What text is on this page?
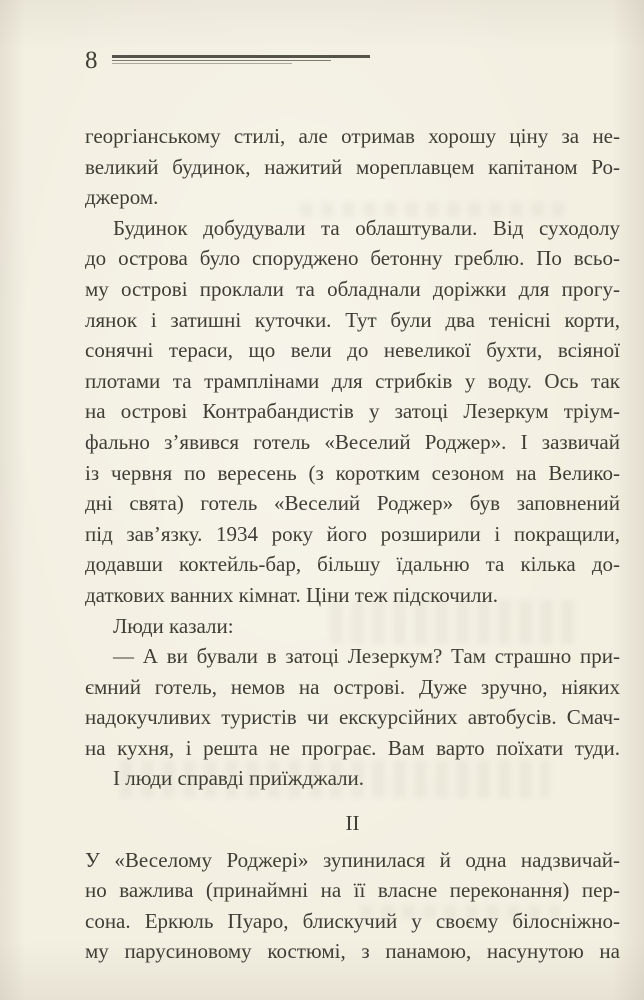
8
георгіанському стилі, але отримав хорошу ціну за не-
великий будинок, нажитий мореплавцем капітаном Ро-
джером.
Будинок добудували та облаштували. Від суходолу
до острова було споруджено бетонну греблю. По всьо-
му острові проклали та обладнали доріжки для прогу-
лянок і затишні куточки. Тут були два тенісні корти,
сонячні тераси, що вели до невеликої бухти, всіяної
плотами та трамплінами для стрибків у воду. Ось так
на острові Контрабандистів у затоці Лезеркум тріум-
фально з’явився готель «Веселий Роджер». І зазвичай
із червня по вересень (з коротким сезоном на Велико-
дні свята) готель «Веселий Роджер» був заповнений
під зав’язку. 1934 року його розширили і покращили,
додавши коктейль-бар, більшу їдальню та кілька до-
даткових ванних кімнат. Ціни теж підскочили.
Люди казали:
— А ви бували в затоці Лезеркум? Там страшно при-
ємний готель, немов на острові. Дуже зручно, ніяких
надокучливих туристів чи екскурсійних автобусів. Смач-
на кухня, і решта не програє. Вам варто поїхати туди.
І люди справді приїжджали.
II
У «Веселому Роджері» зупинилася й одна надзвичай-
но важлива (принаймні на її власне переконання) пер-
сона. Еркюль Пуаро, блискучий у своєму білосніжно-
му парусиновому костюмі, з панамою, насунутою на
